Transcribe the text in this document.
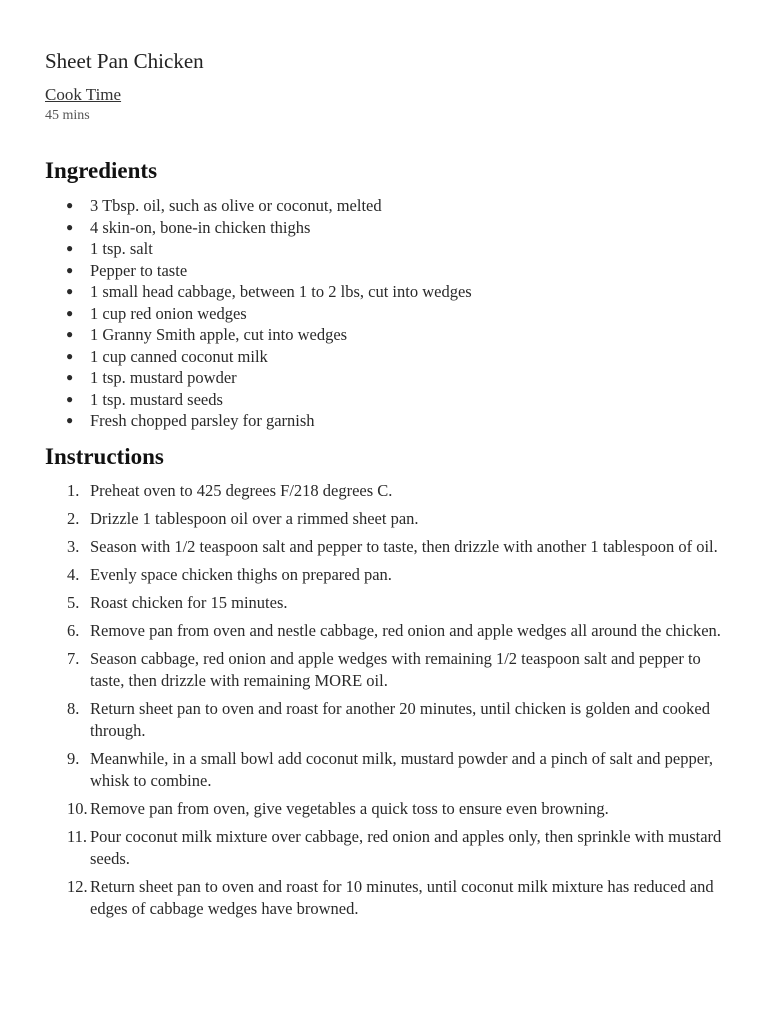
Sheet Pan Chicken
Cook Time
45 mins
Ingredients
● 3 Tbsp. oil, such as olive or coconut, melted
● 4 skin-on, bone-in chicken thighs
● 1 tsp. salt
● Pepper to taste
● 1 small head cabbage, between 1 to 2 lbs, cut into wedges
● 1 cup red onion wedges
● 1 Granny Smith apple, cut into wedges
● 1 cup canned coconut milk
● 1 tsp. mustard powder
● 1 tsp. mustard seeds
● Fresh chopped parsley for garnish
Instructions
1. Preheat oven to 425 degrees F/218 degrees C.
2. Drizzle 1 tablespoon oil over a rimmed sheet pan.
3. Season with 1/2 teaspoon salt and pepper to taste, then drizzle with another 1 tablespoon of oil.
4. Evenly space chicken thighs on prepared pan.
5. Roast chicken for 15 minutes.
6. Remove pan from oven and nestle cabbage, red onion and apple wedges all around the chicken.
7. Season cabbage, red onion and apple wedges with remaining 1/2 teaspoon salt and pepper to taste, then drizzle with remaining MORE oil.
8. Return sheet pan to oven and roast for another 20 minutes, until chicken is golden and cooked through.
9. Meanwhile, in a small bowl add coconut milk, mustard powder and a pinch of salt and pepper, whisk to combine.
10. Remove pan from oven, give vegetables a quick toss to ensure even browning.
11. Pour coconut milk mixture over cabbage, red onion and apples only, then sprinkle with mustard seeds.
12. Return sheet pan to oven and roast for 10 minutes, until coconut milk mixture has reduced and edges of cabbage wedges have browned.
